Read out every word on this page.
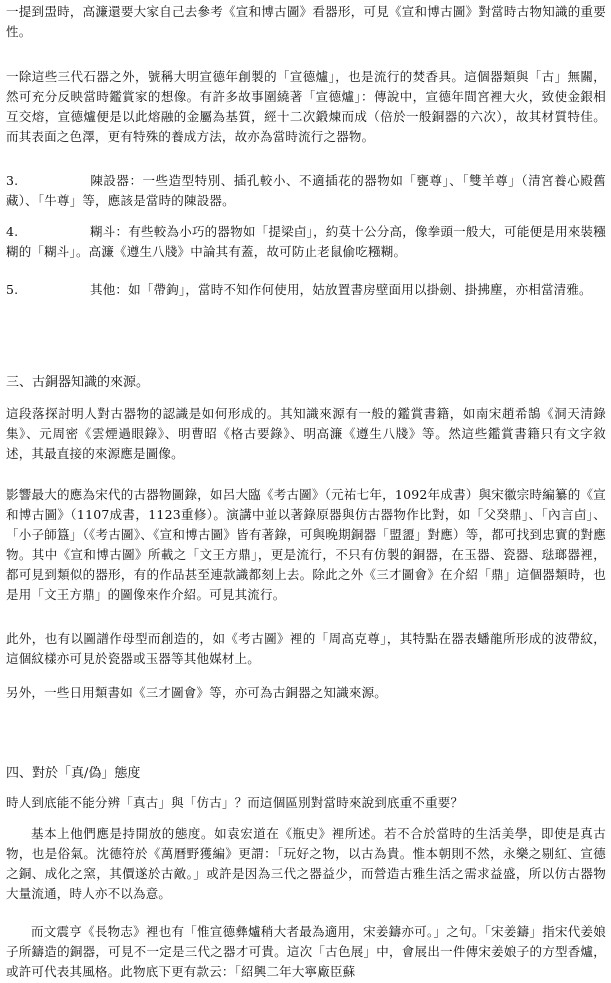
一提到盄時，高濂還要大家自己去參考《宣和博古圖》看器形，可見《宣和博古圖》對當時古物知識的重要性。

一除這些三代石器之外，號稱大明宣德年創製的「宣德爐」，也是流行的焚香具。這個器類與「古」無關，然可充分反映當時鑑賞家的想像。有許多故事圍繞著「宣德爐」：傳說中，宣德年間宮裡大火，致使金銀相互交熔，宣德爐便是以此熔融的金屬為基質，經十二次鍛煉而成（倍於一般銅器的六次），故其材質特佳。而其表面之色澤，更有特殊的養成方法，故亦為當時流行之器物。

3.	陳設器：一些造型特別、插孔較小、不適插花的器物如「甕尊」、「雙羊尊」（清宮養心殿舊藏）、「牛尊」等，應該是當時的陳設器。

4.	糊斗：有些較為小巧的器物如「提梁卣」，約莫十公分高，像拳頭一般大，可能便是用來裝糨糊的「糊斗」。高濂《遵生八牋》中論其有蓋，故可防止老鼠偷吃糨糊。

5.	其他：如「帶鉤」，當時不知作何使用，姑放置書房壁面用以掛劍、掛拂塵，亦相當清雅。

三、古銅器知識的來源。

這段落探討明人對古器物的認識是如何形成的。其知識來源有一般的鑑賞書籍，如南宋趙希鵠《洞天清錄集》、元周密《雲煙過眼錄》、明曹昭《格古要錄》、明高濂《遵生八牋》等。然這些鑑賞書籍只有文字敘述，其最直接的來源應是圖像。

影響最大的應為宋代的古器物圖錄，如呂大臨《考古圖》（元祐七年，1092年成書）與宋徽宗時編纂的《宣和博古圖》（1107成書，1123重修）。演講中並以著錄原器與仿古器物作比對，如「父癸鼎」、「內言卣」、「小子師簋」（《考古圖》、《宣和博古圖》皆有著錄，可與晚期銅器「盟盨」對應）等，都可找到忠實的對應物。其中《宣和博古圖》所載之「文王方鼎」，更是流行，不只有仿製的銅器，在玉器、瓷器、琺瑯器裡，都可見到類似的器形，有的作品甚至連款識都刻上去。除此之外《三才圖會》在介紹「鼎」這個器類時，也是用「文王方鼎」的圖像來作介紹。可見其流行。

此外，也有以圖譜作母型而創造的，如《考古圖》裡的「周高克尊」，其特點在器表蟠龍所形成的波帶紋，這個紋樣亦可見於瓷器或玉器等其他媒材上。

另外，一些日用類書如《三才圖會》等，亦可為古銅器之知識來源。

四、對於「真/偽」態度

時人到底能不能分辨「真古」與「仿古」？而這個區別對當時來說到底重不重要？

基本上他們應是持開放的態度。如袁宏道在《瓶史》裡所述。若不合於當時的生活美學，即使是真古物，也是俗氣。沈德符於《萬曆野獲編》更謂：「玩好之物，以古為貴。惟本朝則不然，永樂之剔紅、宣德之銅、成化之窯，其價遂於古敵。」或許是因為三代之器益少，而營造古雅生活之需求益盛，所以仿古器物大量流通，時人亦不以為意。

而文震亨《長物志》裡也有「惟宣德彝爐稍大者最為適用，宋姜鑄亦可。」之句。「宋姜鑄」指宋代姜娘子所鑄造的銅器，可見不一定是三代之器才可貴。這次「古色展」中，會展出一件傳宋姜娘子的方型香爐，或許可代表其風格。此物底下更有款云：「紹興二年大寧廠臣蘇
